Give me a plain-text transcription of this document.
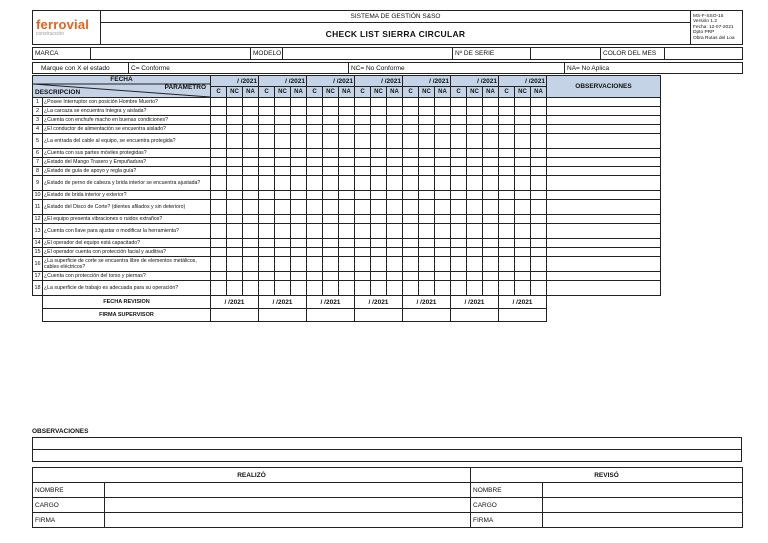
ferrovial
construcción
	SISTEMA DE GESTIÓN S&SO	MS-F-SSO-15
Versión 1.2
Fecha: 12-07-2021
Dpto PRP
Obra Rutas del Loa

CHECK LIST SIERRA CIRCULAR
MARCA		MODELO		Nº DE SERIE		COLOR DEL MES	
Marque con X el estado	C= Conforme	NC= No Conforme	NA= No Aplica
FECHA
PARAMETRO
DESCRIPCION		/ /2021			/ /2021			/ /2021			/ /2021			/ /2021			/ /2021			/ /2021			OBSERVACIONES
		C	NC	NA	C	NC	NA	C	NC	NA	C	NC	NA	C	NC	NA	C	NC	NA	C	NC	NA	
1	¿Posee Interruptor con posición Hombre Muerto?																						
2	¿La carcaza se encuentra íntegra y aislada?																						
3	¿Cuenta con enchufe macho en buenas condiciones?																						
4	¿El conductor de alimentación se encuentra aislado?																						
5	¿La entrada del cable al equipo, se encuentra protegida?																						
6	¿Cuenta con sus partes móviles protegidas?																						
7	¿Estado del Mango Trasero y Empuñadura?																						
8	¿Estado de guía de apoyo y regla guía?																						
9	¿Estado de perno de cabeza y brida interior se encuentra ajustada?																						
10	¿Estado de brida interior y exterior?																						
11	¿Estado del Disco de Corte? (dientes afilados y sin deterioro)																						
12	¿El equipo presenta vibraciones o ruidos extraños?																						
13	¿Cuenta con llave para ajustar o modificar la herramienta?																						
14	¿El operador del equipo está capacitado?																						
15	¿El operador cuenta con protección facial y auditiva?																						
16	¿La superficie de corte se encuentra libre de elementos metálicos, cables eléctricos?																						
17	¿Cuenta con protección del torso y piernas?																						
18	¿La superficie de trabajo es adecuada para su operación?																						
	FECHA REVISION	/ /2021			/ /2021			/ /2021			/ /2021			/ /2021			/ /2021			/ /2021			
	FIRMA SUPERVISOR																						
OBSERVACIONES

REALIZÓ		REVISÓ	
NOMBRE		NOMBRE	
CARGO		CARGO	
FIRMA		FIRMA	
